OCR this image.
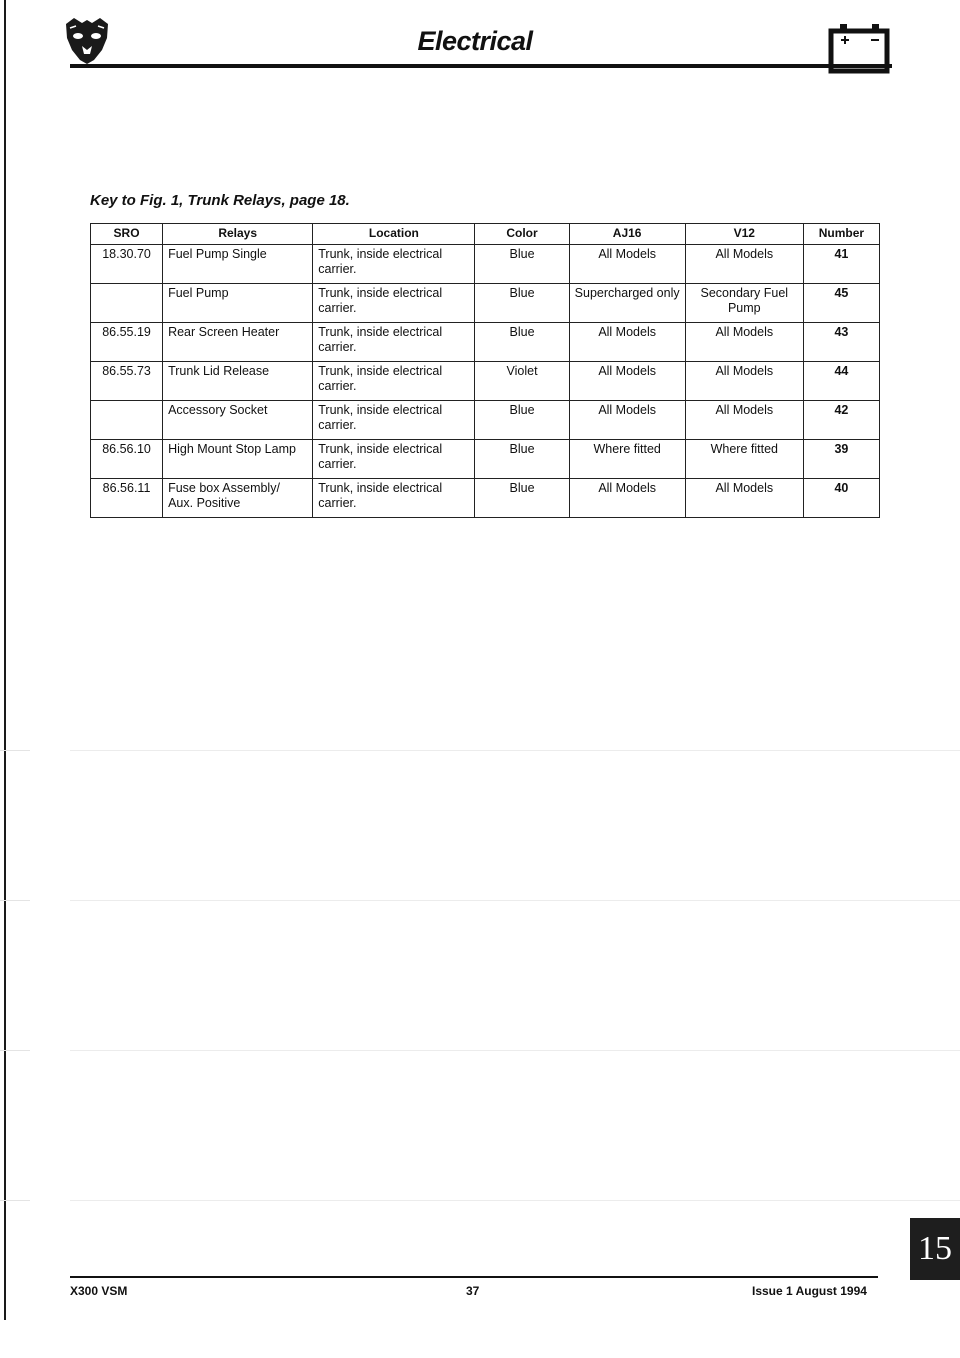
Electrical
Key to Fig. 1, Trunk Relays, page 18.
SRO	Relays	Location	Color	AJ16	V12	Number
18.30.70	Fuel Pump Single	Trunk, inside electrical carrier.	Blue	All Models	All Models	41
	Fuel Pump	Trunk, inside electrical carrier.	Blue	Supercharged only	Secondary Fuel Pump	45
86.55.19	Rear Screen Heater	Trunk, inside electrical carrier.	Blue	All Models	All Models	43
86.55.73	Trunk Lid Release	Trunk, inside electrical carrier.	Violet	All Models	All Models	44
	Accessory Socket	Trunk, inside electrical carrier.	Blue	All Models	All Models	42
86.56.10	High Mount Stop Lamp	Trunk, inside electrical carrier.	Blue	Where fitted	Where fitted	39
86.56.11	Fuse box Assembly/ Aux. Positive	Trunk, inside electrical carrier.	Blue	All Models	All Models	40
15
X300 VSM	37	Issue 1 August 1994
